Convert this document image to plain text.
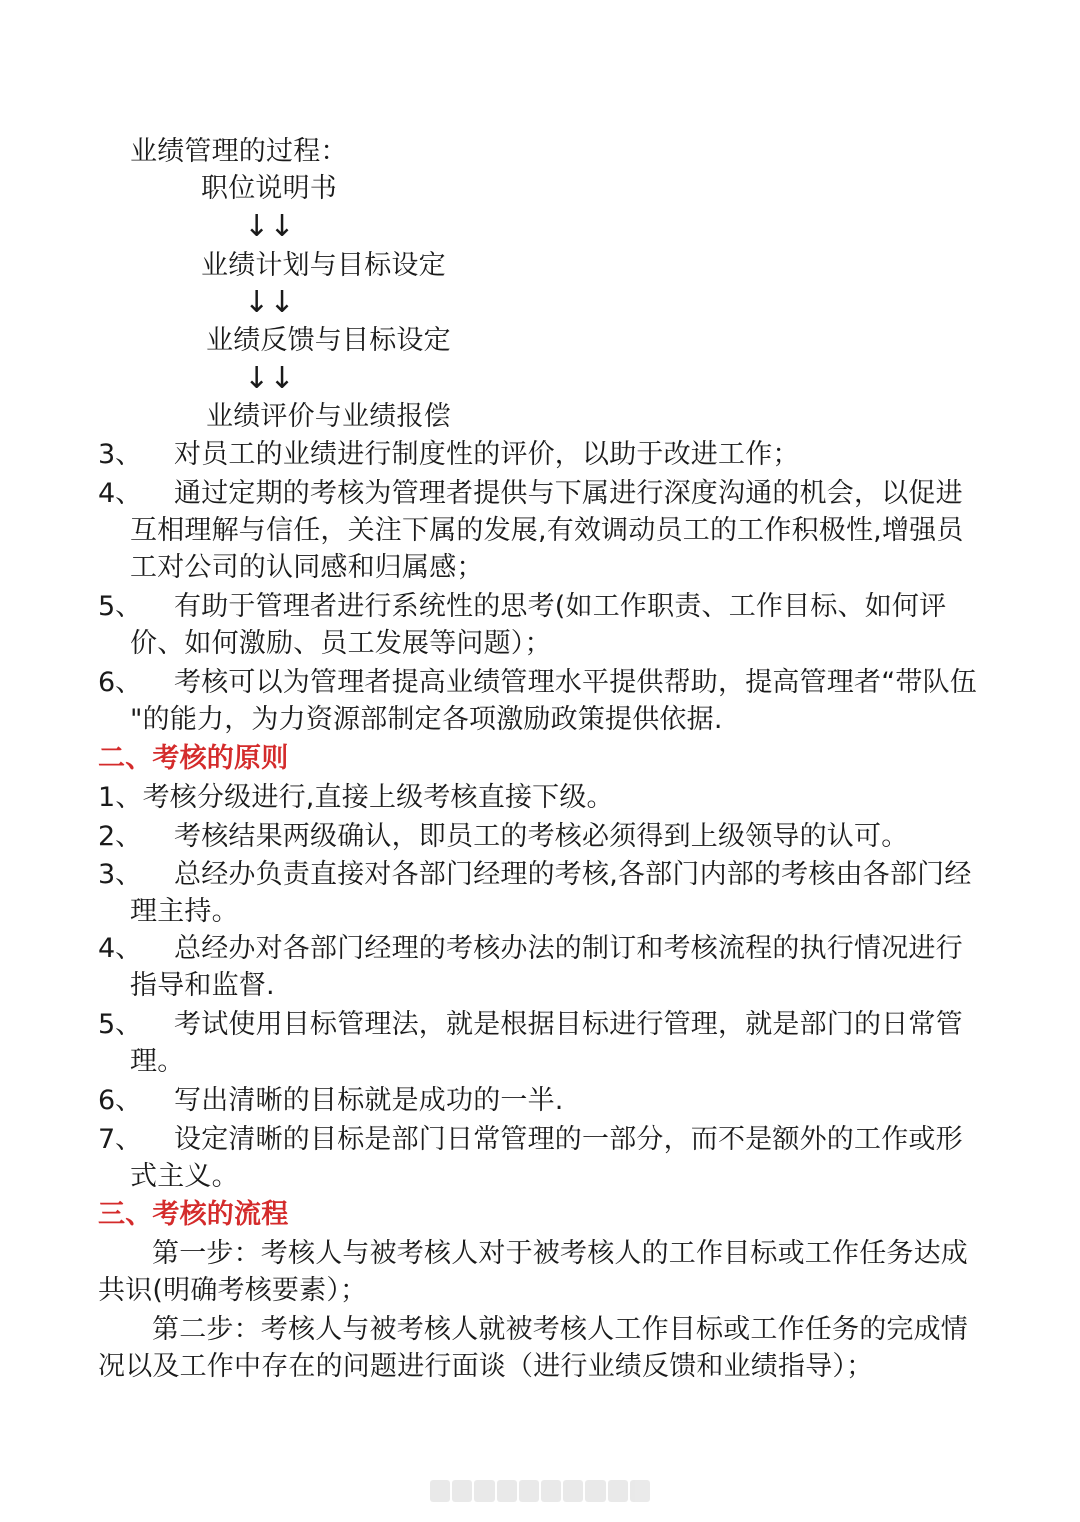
业绩管理的过程：
职位说明书
↓↓
业绩计划与目标设定
↓↓
业绩反馈与目标设定
↓↓
业绩评价与业绩报偿
3、 对员工的业绩进行制度性的评价，以助于改进工作；
4、 通过定期的考核为管理者提供与下属进行深度沟通的机会，以促进
互相理解与信任，关注下属的发展,有效调动员工的工作积极性,增强员
工对公司的认同感和归属感；
5、 有助于管理者进行系统性的思考(如工作职责、工作目标、如何评
价、如何激励、员工发展等问题）；
6、 考核可以为管理者提高业绩管理水平提供帮助，提高管理者“带队伍
"的能力，为力资源部制定各项激励政策提供依据.
二、考核的原则
1、考核分级进行,直接上级考核直接下级。
2、 考核结果两级确认，即员工的考核必须得到上级领导的认可。
3、 总经办负责直接对各部门经理的考核,各部门内部的考核由各部门经
理主持。
4、 总经办对各部门经理的考核办法的制订和考核流程的执行情况进行
指导和监督.
5、 考试使用目标管理法，就是根据目标进行管理，就是部门的日常管
理。
6、 写出清晰的目标就是成功的一半.
7、 设定清晰的目标是部门日常管理的一部分，而不是额外的工作或形
式主义。
三、考核的流程
第一步：考核人与被考核人对于被考核人的工作目标或工作任务达成
共识(明确考核要素）；
第二步：考核人与被考核人就被考核人工作目标或工作任务的完成情
况以及工作中存在的问题进行面谈（进行业绩反馈和业绩指导）；
